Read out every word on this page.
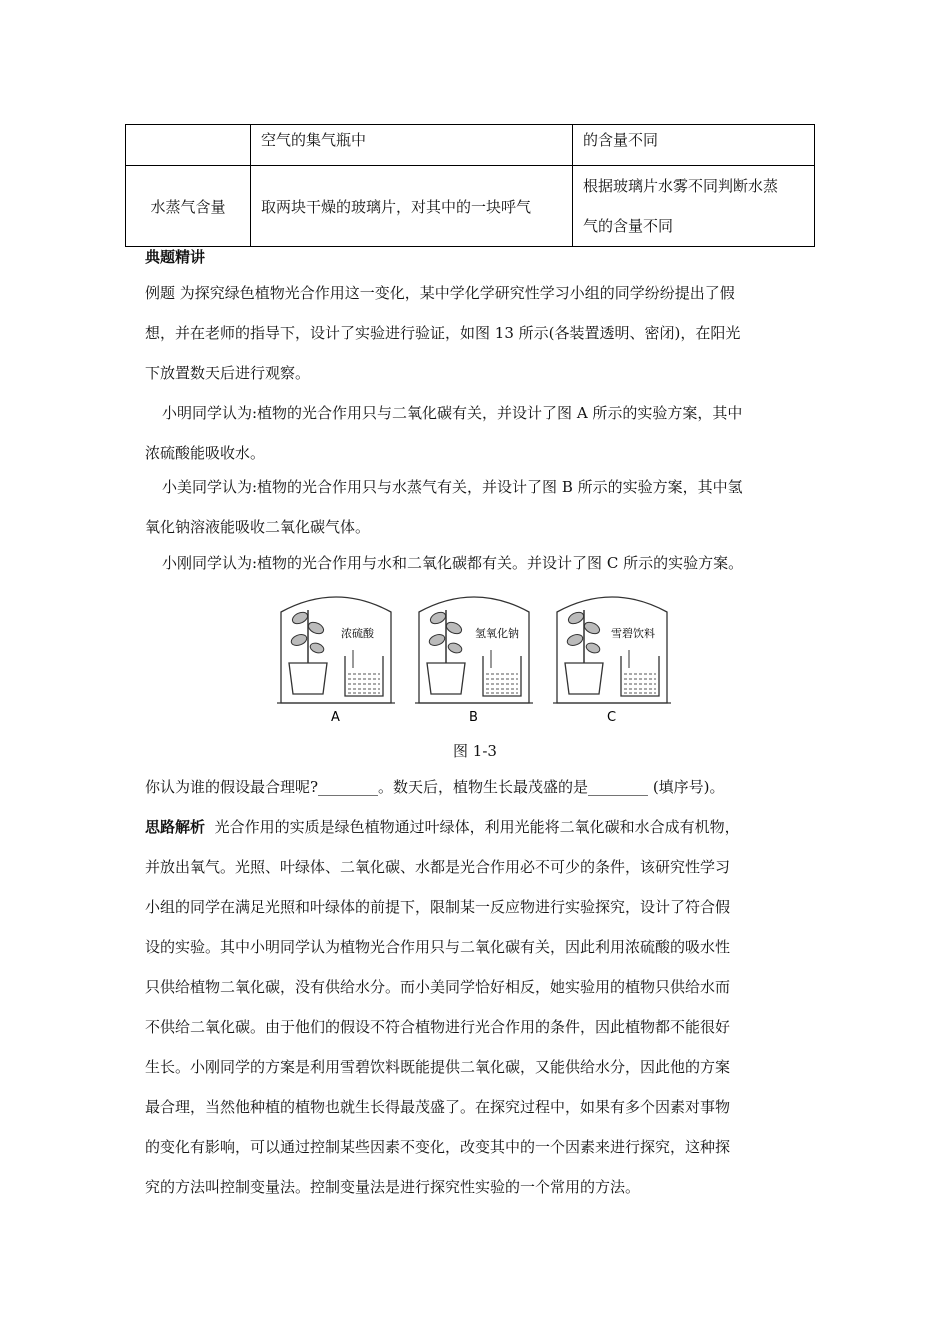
	空气的集气瓶中	的含量不同
水蒸气含量	取两块干燥的玻璃片，对其中的一块呼气	根据玻璃片水雾不同判断水蒸
气的含量不同
典题精讲
例题 为探究绿色植物光合作用这一变化，某中学化学研究性学习小组的同学纷纷提出了假
想，并在老师的指导下，设计了实验进行验证，如图 13 所示(各装置透明、密闭)，在阳光
下放置数天后进行观察。
小明同学认为:植物的光合作用只与二氧化碳有关，并设计了图 A 所示的实验方案，其中
浓硫酸能吸收水。
小美同学认为:植物的光合作用只与水蒸气有关，并设计了图 B 所示的实验方案，其中氢
氧化钠溶液能吸收二氧化碳气体。
小刚同学认为:植物的光合作用与水和二氧化碳都有关。并设计了图 C 所示的实验方案。
浓硫酸
A
氢氧化钠
B
雪碧饮料
C
图 1-3
你认为谁的假设最合理呢?________。数天后，植物生长最茂盛的是________ (填序号)。
思路解析 光合作用的实质是绿色植物通过叶绿体，利用光能将二氧化碳和水合成有机物，
并放出氧气。光照、叶绿体、二氧化碳、水都是光合作用必不可少的条件，该研究性学习
小组的同学在满足光照和叶绿体的前提下，限制某一反应物进行实验探究，设计了符合假
设的实验。其中小明同学认为植物光合作用只与二氧化碳有关，因此利用浓硫酸的吸水性
只供给植物二氧化碳，没有供给水分。而小美同学恰好相反，她实验用的植物只供给水而
不供给二氧化碳。由于他们的假设不符合植物进行光合作用的条件，因此植物都不能很好
生长。小刚同学的方案是利用雪碧饮料既能提供二氧化碳，又能供给水分，因此他的方案
最合理，当然他种植的植物也就生长得最茂盛了。在探究过程中，如果有多个因素对事物
的变化有影响，可以通过控制某些因素不变化，改变其中的一个因素来进行探究，这种探
究的方法叫控制变量法。控制变量法是进行探究性实验的一个常用的方法。
